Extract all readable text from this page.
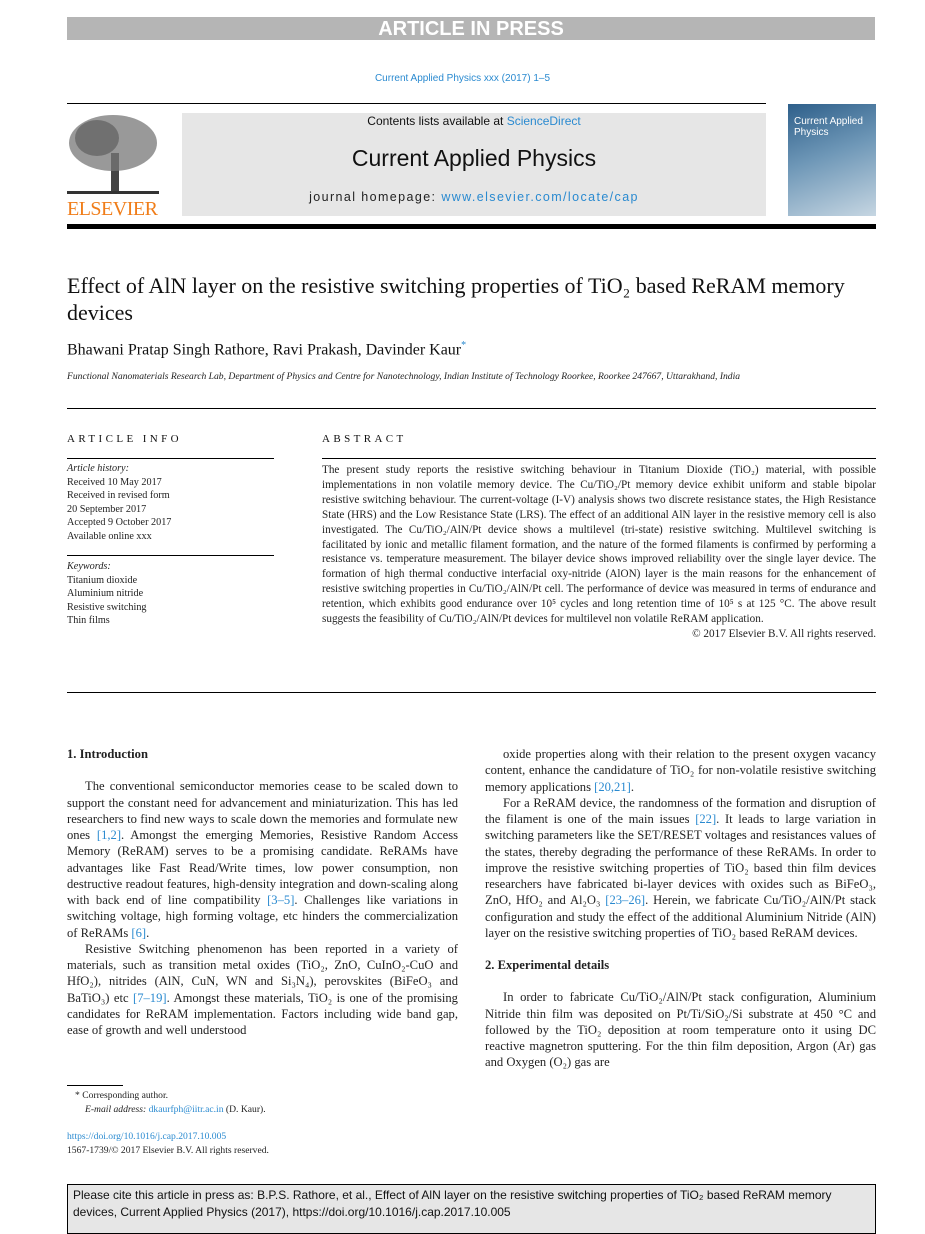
ARTICLE IN PRESS
Current Applied Physics xxx (2017) 1–5
ELSEVIER
Contents lists available at ScienceDirect
Current Applied Physics
journal homepage: www.elsevier.com/locate/cap
Current Applied Physics
Effect of AlN layer on the resistive switching properties of TiO₂ based ReRAM memory devices
Bhawani Pratap Singh Rathore, Ravi Prakash, Davinder Kaur*
Functional Nanomaterials Research Lab, Department of Physics and Centre for Nanotechnology, Indian Institute of Technology Roorkee, Roorkee 247667, Uttarakhand, India
ARTICLE INFO
Article history:
Received 10 May 2017
Received in revised form
20 September 2017
Accepted 9 October 2017
Available online xxx
Keywords:
Titanium dioxide
Aluminium nitride
Resistive switching
Thin films
ABSTRACT
The present study reports the resistive switching behaviour in Titanium Dioxide (TiO₂) material, with possible implementations in non volatile memory device. The Cu/TiO₂/Pt memory device exhibit uniform and stable bipolar resistive switching behaviour. The current-voltage (I-V) analysis shows two discrete resistance states, the High Resistance State (HRS) and the Low Resistance State (LRS). The effect of an additional AlN layer in the resistive memory cell is also investigated. The Cu/TiO₂/AlN/Pt device shows a multilevel (tri-state) resistive switching. Multilevel switching is facilitated by ionic and metallic filament formation, and the nature of the formed filaments is confirmed by performing a resistance vs. temperature measurement. The bilayer device shows improved reliability over the single layer device. The formation of high thermal conductive interfacial oxy-nitride (AlON) layer is the main reasons for the enhancement of resistive switching properties in Cu/TiO₂/AlN/Pt cell. The performance of device was measured in terms of endurance and retention, which exhibits good endurance over 10⁵ cycles and long retention time of 10⁵ s at 125 °C. The above result suggests the feasibility of Cu/TiO₂/AlN/Pt devices for multilevel non volatile ReRAM application.
© 2017 Elsevier B.V. All rights reserved.
1. Introduction

The conventional semiconductor memories cease to be scaled down to support the constant need for advancement and miniaturization. This has led researchers to find new ways to scale down the memories and formulate new ones [1,2]. Amongst the emerging Memories, Resistive Random Access Memory (ReRAM) serves to be a promising candidate. ReRAMs have advantages like Fast Read/Write times, low power consumption, non destructive readout features, high-density integration and down-scaling along with back end of line compatibility [3–5]. Challenges like variations in switching voltage, high forming voltage, etc hinders the commercialization of ReRAMs [6].

Resistive Switching phenomenon has been reported in a variety of materials, such as transition metal oxides (TiO₂, ZnO, CuInO₂-CuO and HfO₂), nitrides (AlN, CuN, WN and Si₃N₄), perovskites (BiFeO₃ and BaTiO₃) etc [7–19]. Amongst these materials, TiO₂ is one of the promising candidates for ReRAM implementation. Factors including wide band gap, ease of growth and well understood

oxide properties along with their relation to the present oxygen vacancy content, enhance the candidature of TiO₂ for non-volatile resistive switching memory applications [20,21].

For a ReRAM device, the randomness of the formation and disruption of the filament is one of the main issues [22]. It leads to large variation in switching parameters like the SET/RESET voltages and resistances values of the states, thereby degrading the performance of these ReRAMs. In order to improve the resistive switching properties of TiO₂ based thin film devices researchers have fabricated bi-layer devices with oxides such as BiFeO₃, ZnO, HfO₂ and Al₂O₃ [23–26]. Herein, we fabricate Cu/TiO₂/AlN/Pt stack configuration and study the effect of the additional Aluminium Nitride (AlN) layer on the resistive switching properties of TiO₂ based ReRAM devices.

2. Experimental details

In order to fabricate Cu/TiO₂/AlN/Pt stack configuration, Aluminium Nitride thin film was deposited on Pt/Ti/SiO₂/Si substrate at 450 °C and followed by the TiO₂ deposition at room temperature onto it using DC reactive magnetron sputtering. For the thin film deposition, Argon (Ar) gas and Oxygen (O₂) gas are

* Corresponding author.
E-mail address: dkaurfph@iitr.ac.in (D. Kaur).
https://doi.org/10.1016/j.cap.2017.10.005
1567-1739/© 2017 Elsevier B.V. All rights reserved.
Please cite this article in press as: B.P.S. Rathore, et al., Effect of AlN layer on the resistive switching properties of TiO₂ based ReRAM memory devices, Current Applied Physics (2017), https://doi.org/10.1016/j.cap.2017.10.005
